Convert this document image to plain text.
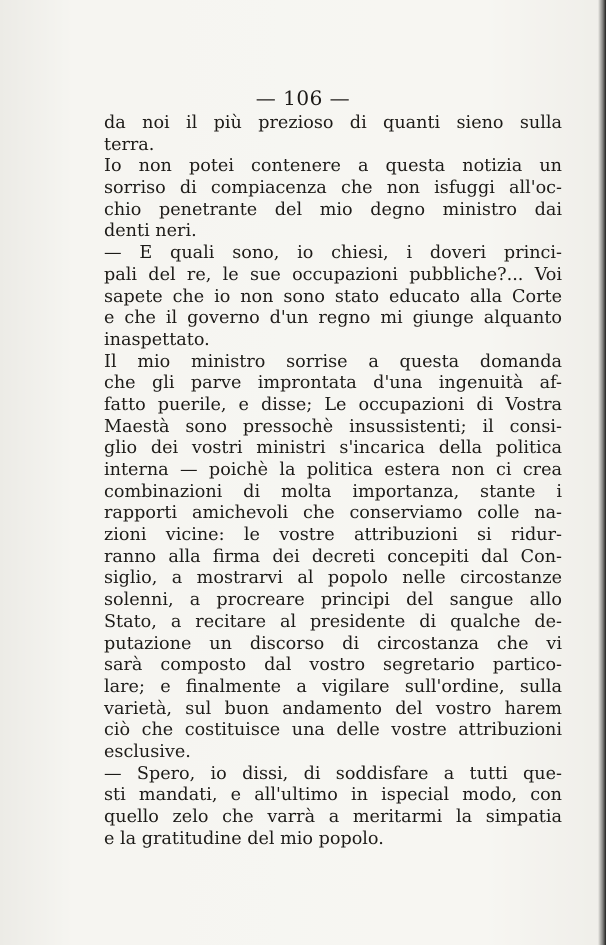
— 106 —
da noi il più prezioso di quanti sieno sulla
terra.
Io non potei contenere a questa notizia un
sorriso di compiacenza che non isfuggi all'oc-
chio penetrante del mio degno ministro dai
denti neri.
— E quali sono, io chiesi, i doveri princi-
pali del re, le sue occupazioni pubbliche?... Voi
sapete che io non sono stato educato alla Corte
e che il governo d'un regno mi giunge alquanto
inaspettato.
Il mio ministro sorrise a questa domanda
che gli parve improntata d'una ingenuità af-
fatto puerile, e disse; Le occupazioni di Vostra
Maestà sono pressochè insussistenti; il consi-
glio dei vostri ministri s'incarica della politica
interna — poichè la politica estera non ci crea
combinazioni di molta importanza, stante i
rapporti amichevoli che conserviamo colle na-
zioni vicine: le vostre attribuzioni si ridur-
ranno alla firma dei decreti concepiti dal Con-
siglio, a mostrarvi al popolo nelle circostanze
solenni, a procreare principi del sangue allo
Stato, a recitare al presidente di qualche de-
putazione un discorso di circostanza che vi
sarà composto dal vostro segretario partico-
lare; e finalmente a vigilare sull'ordine, sulla
varietà, sul buon andamento del vostro harem
ciò che costituisce una delle vostre attribuzioni
esclusive.
— Spero, io dissi, di soddisfare a tutti que-
sti mandati, e all'ultimo in ispecial modo, con
quello zelo che varrà a meritarmi la simpatia
e la gratitudine del mio popolo.
